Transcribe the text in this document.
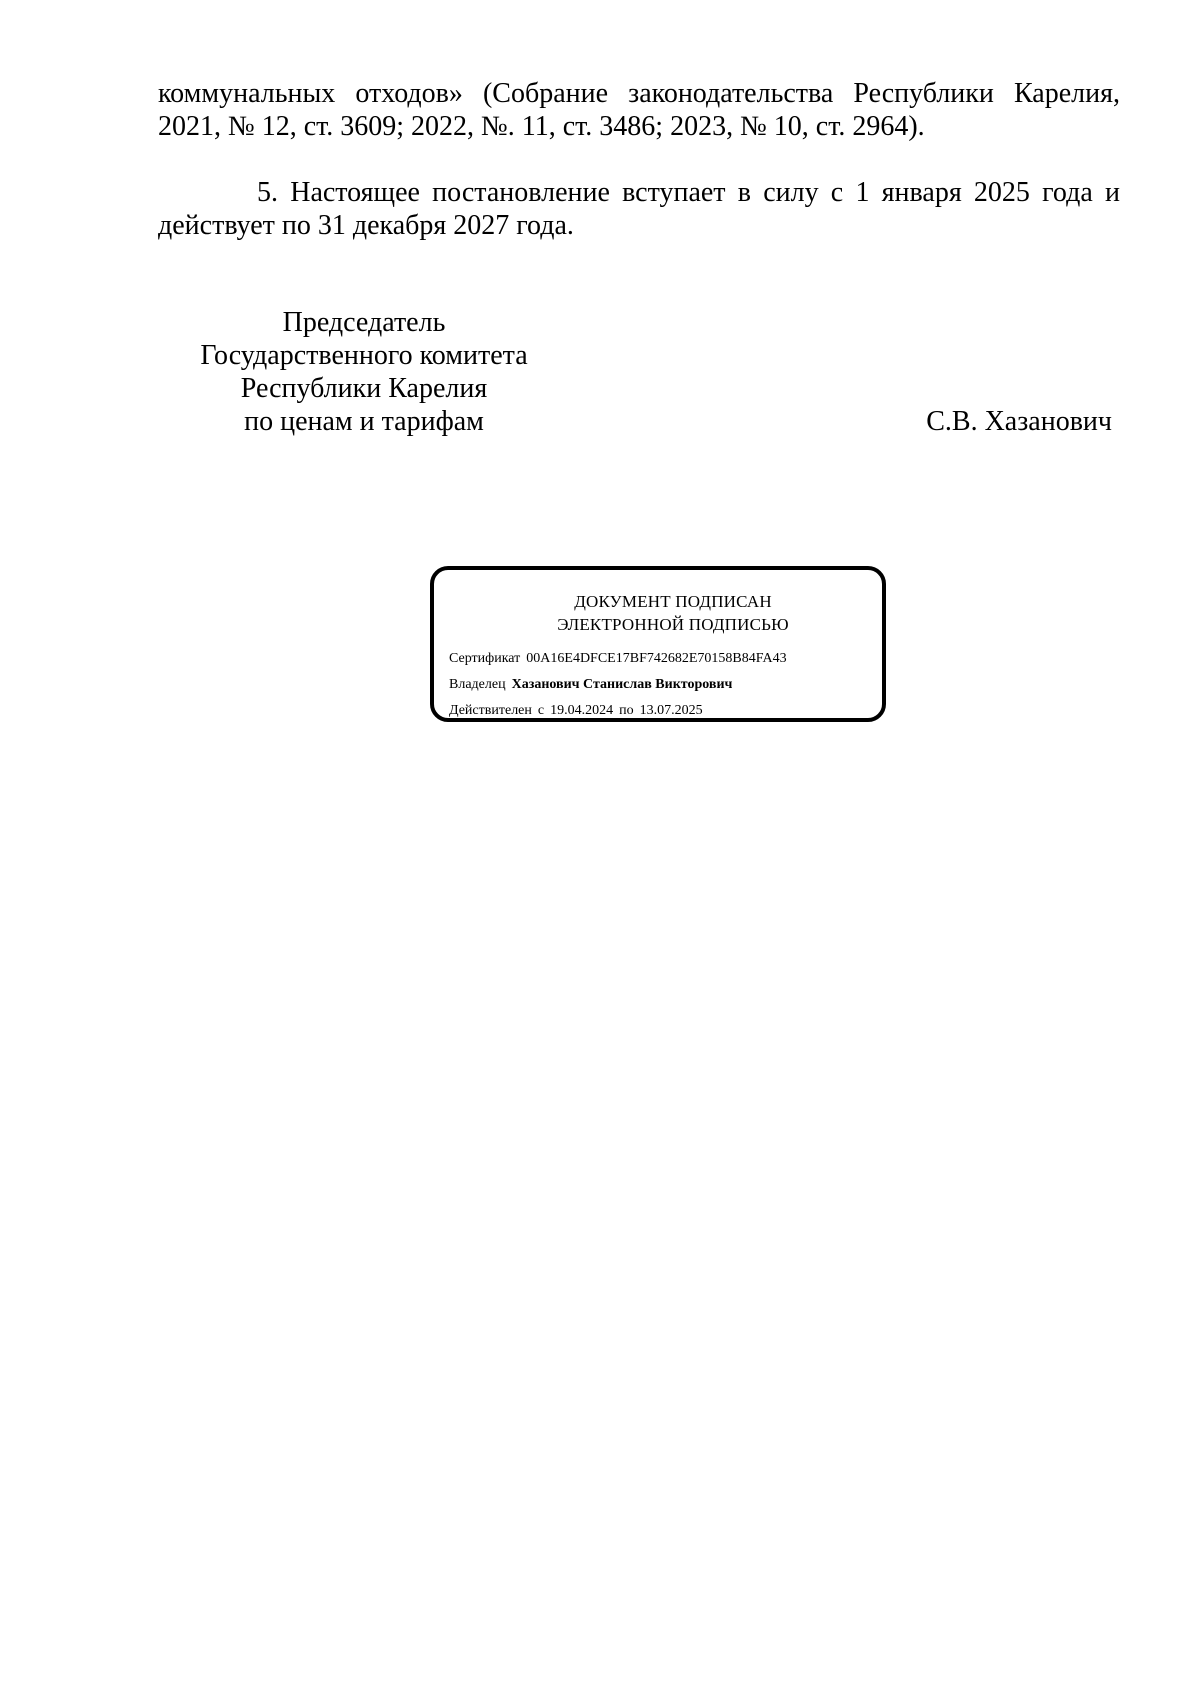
коммунальных отходов» (Собрание законодательства Республики Карелия, 2021, № 12, ст. 3609; 2022, №. 11, ст. 3486; 2023, № 10, ст. 2964).

5. Настоящее постановление вступает в силу с 1 января 2025 года и действует по 31 декабря 2027 года.

Председатель
Государственного комитета
Республики Карелия
по ценам и тарифам	С.В. Хазанович
ДОКУМЕНТ ПОДПИСАН
ЭЛЕКТРОННОЙ ПОДПИСЬЮ
Сертификат 00A16E4DFCE17BF742682E70158B84FA43
Владелец Хазанович Станислав Викторович
Действителен с 19.04.2024 по 13.07.2025
